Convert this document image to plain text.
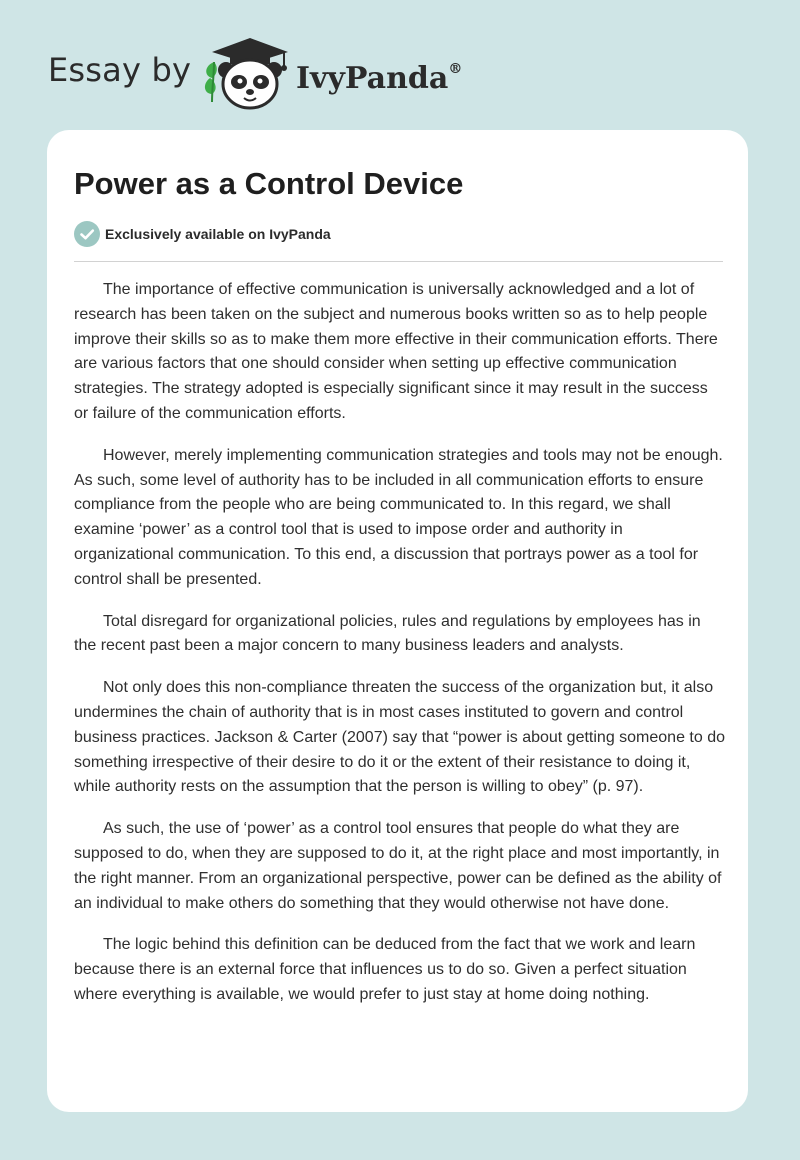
Essay by	IvyPanda®
Power as a Control Device
Exclusively available on IvyPanda

The importance of effective communication is universally acknowledged and a lot of research has been taken on the subject and numerous books written so as to help people improve their skills so as to make them more effective in their communication efforts. There are various factors that one should consider when setting up effective communication strategies. The strategy adopted is especially significant since it may result in the success or failure of the communication efforts.

However, merely implementing communication strategies and tools may not be enough. As such, some level of authority has to be included in all communication efforts to ensure compliance from the people who are being communicated to. In this regard, we shall examine ‘power’ as a control tool that is used to impose order and authority in organizational communication. To this end, a discussion that portrays power as a tool for control shall be presented.

Total disregard for organizational policies, rules and regulations by employees has in the recent past been a major concern to many business leaders and analysts.

Not only does this non-compliance threaten the success of the organization but, it also undermines the chain of authority that is in most cases instituted to govern and control business practices. Jackson & Carter (2007) say that “power is about getting someone to do something irrespective of their desire to do it or the extent of their resistance to doing it, while authority rests on the assumption that the person is willing to obey” (p. 97).

As such, the use of ‘power’ as a control tool ensures that people do what they are supposed to do, when they are supposed to do it, at the right place and most importantly, in the right manner. From an organizational perspective, power can be defined as the ability of an individual to make others do something that they would otherwise not have done.

The logic behind this definition can be deduced from the fact that we work and learn because there is an external force that influences us to do so. Given a perfect situation where everything is available, we would prefer to just stay at home doing nothing.
